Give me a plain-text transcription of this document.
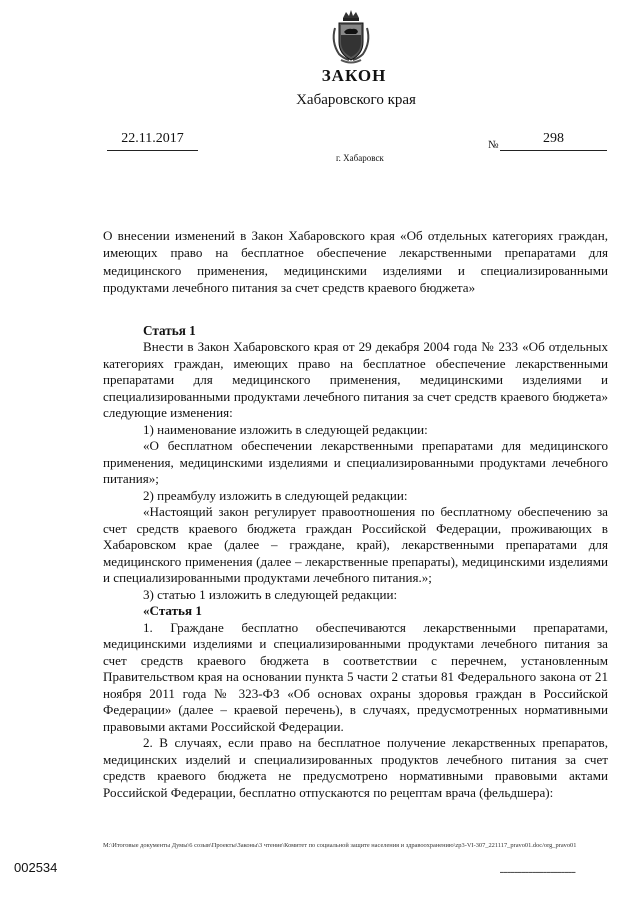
ЗАКОН
Хабаровского края
22.11.2017	№	298
г. Хабаровск
О внесении изменений в Закон Хабаровского края «Об отдельных категориях граждан, имеющих право на бесплатное обеспечение лекарственными препаратами для медицинского применения, медицинскими изделиями и специализированными продуктами лечебного питания за счет средств краевого бюджета»
Статья 1

Внести в Закон Хабаровского края от 29 декабря 2004 года № 233 «Об отдельных категориях граждан, имеющих право на бесплатное обеспечение лекарственными препаратами для медицинского применения, медицинскими изделиями и специализированными продуктами лечебного питания за счет средств краевого бюджета» следующие изменения:

1) наименование изложить в следующей редакции:

«О бесплатном обеспечении лекарственными препаратами для медицинского применения, медицинскими изделиями и специализированными продуктами лечебного питания»;

2) преамбулу изложить в следующей редакции:

«Настоящий закон регулирует правоотношения по бесплатному обеспечению за счет средств краевого бюджета граждан Российской Федерации, проживающих в Хабаровском крае (далее – граждане, край), лекарственными препаратами для медицинского применения (далее – лекарственные препараты), медицинскими изделиями и специализированными продуктами лечебного питания.»;

3) статью 1 изложить в следующей редакции:

«Статья 1

1. Граждане бесплатно обеспечиваются лекарственными препаратами, медицинскими изделиями и специализированными продуктами лечебного питания за счет средств краевого бюджета в соответствии с перечнем, установленным Правительством края на основании пункта 5 части 2 статьи 81 Федерального закона от 21 ноября 2011 года № 323-ФЗ «Об основах охраны здоровья граждан в Российской Федерации» (далее – краевой перечень), в случаях, предусмотренных нормативными правовыми актами Российской Федерации.

2. В случаях, если право на бесплатное получение лекарственных препаратов, медицинских изделий и специализированных продуктов лечебного питания за счет средств краевого бюджета не предусмотрено нормативными правовыми актами Российской Федерации, бесплатно отпускаются по рецептам врача (фельдшера):

М:\Итоговые документы Думы\6 созыв\Проекты\Законы\3 чтение\Комитет по социальной защите населения и здравоохранению\zp3-VI-307_221117_pravo01.doc/org_pravo01
002534	▬▬▬▬▬▬▬▬▬▬▬▬▬▬▬▬▬▬▬▬▬
